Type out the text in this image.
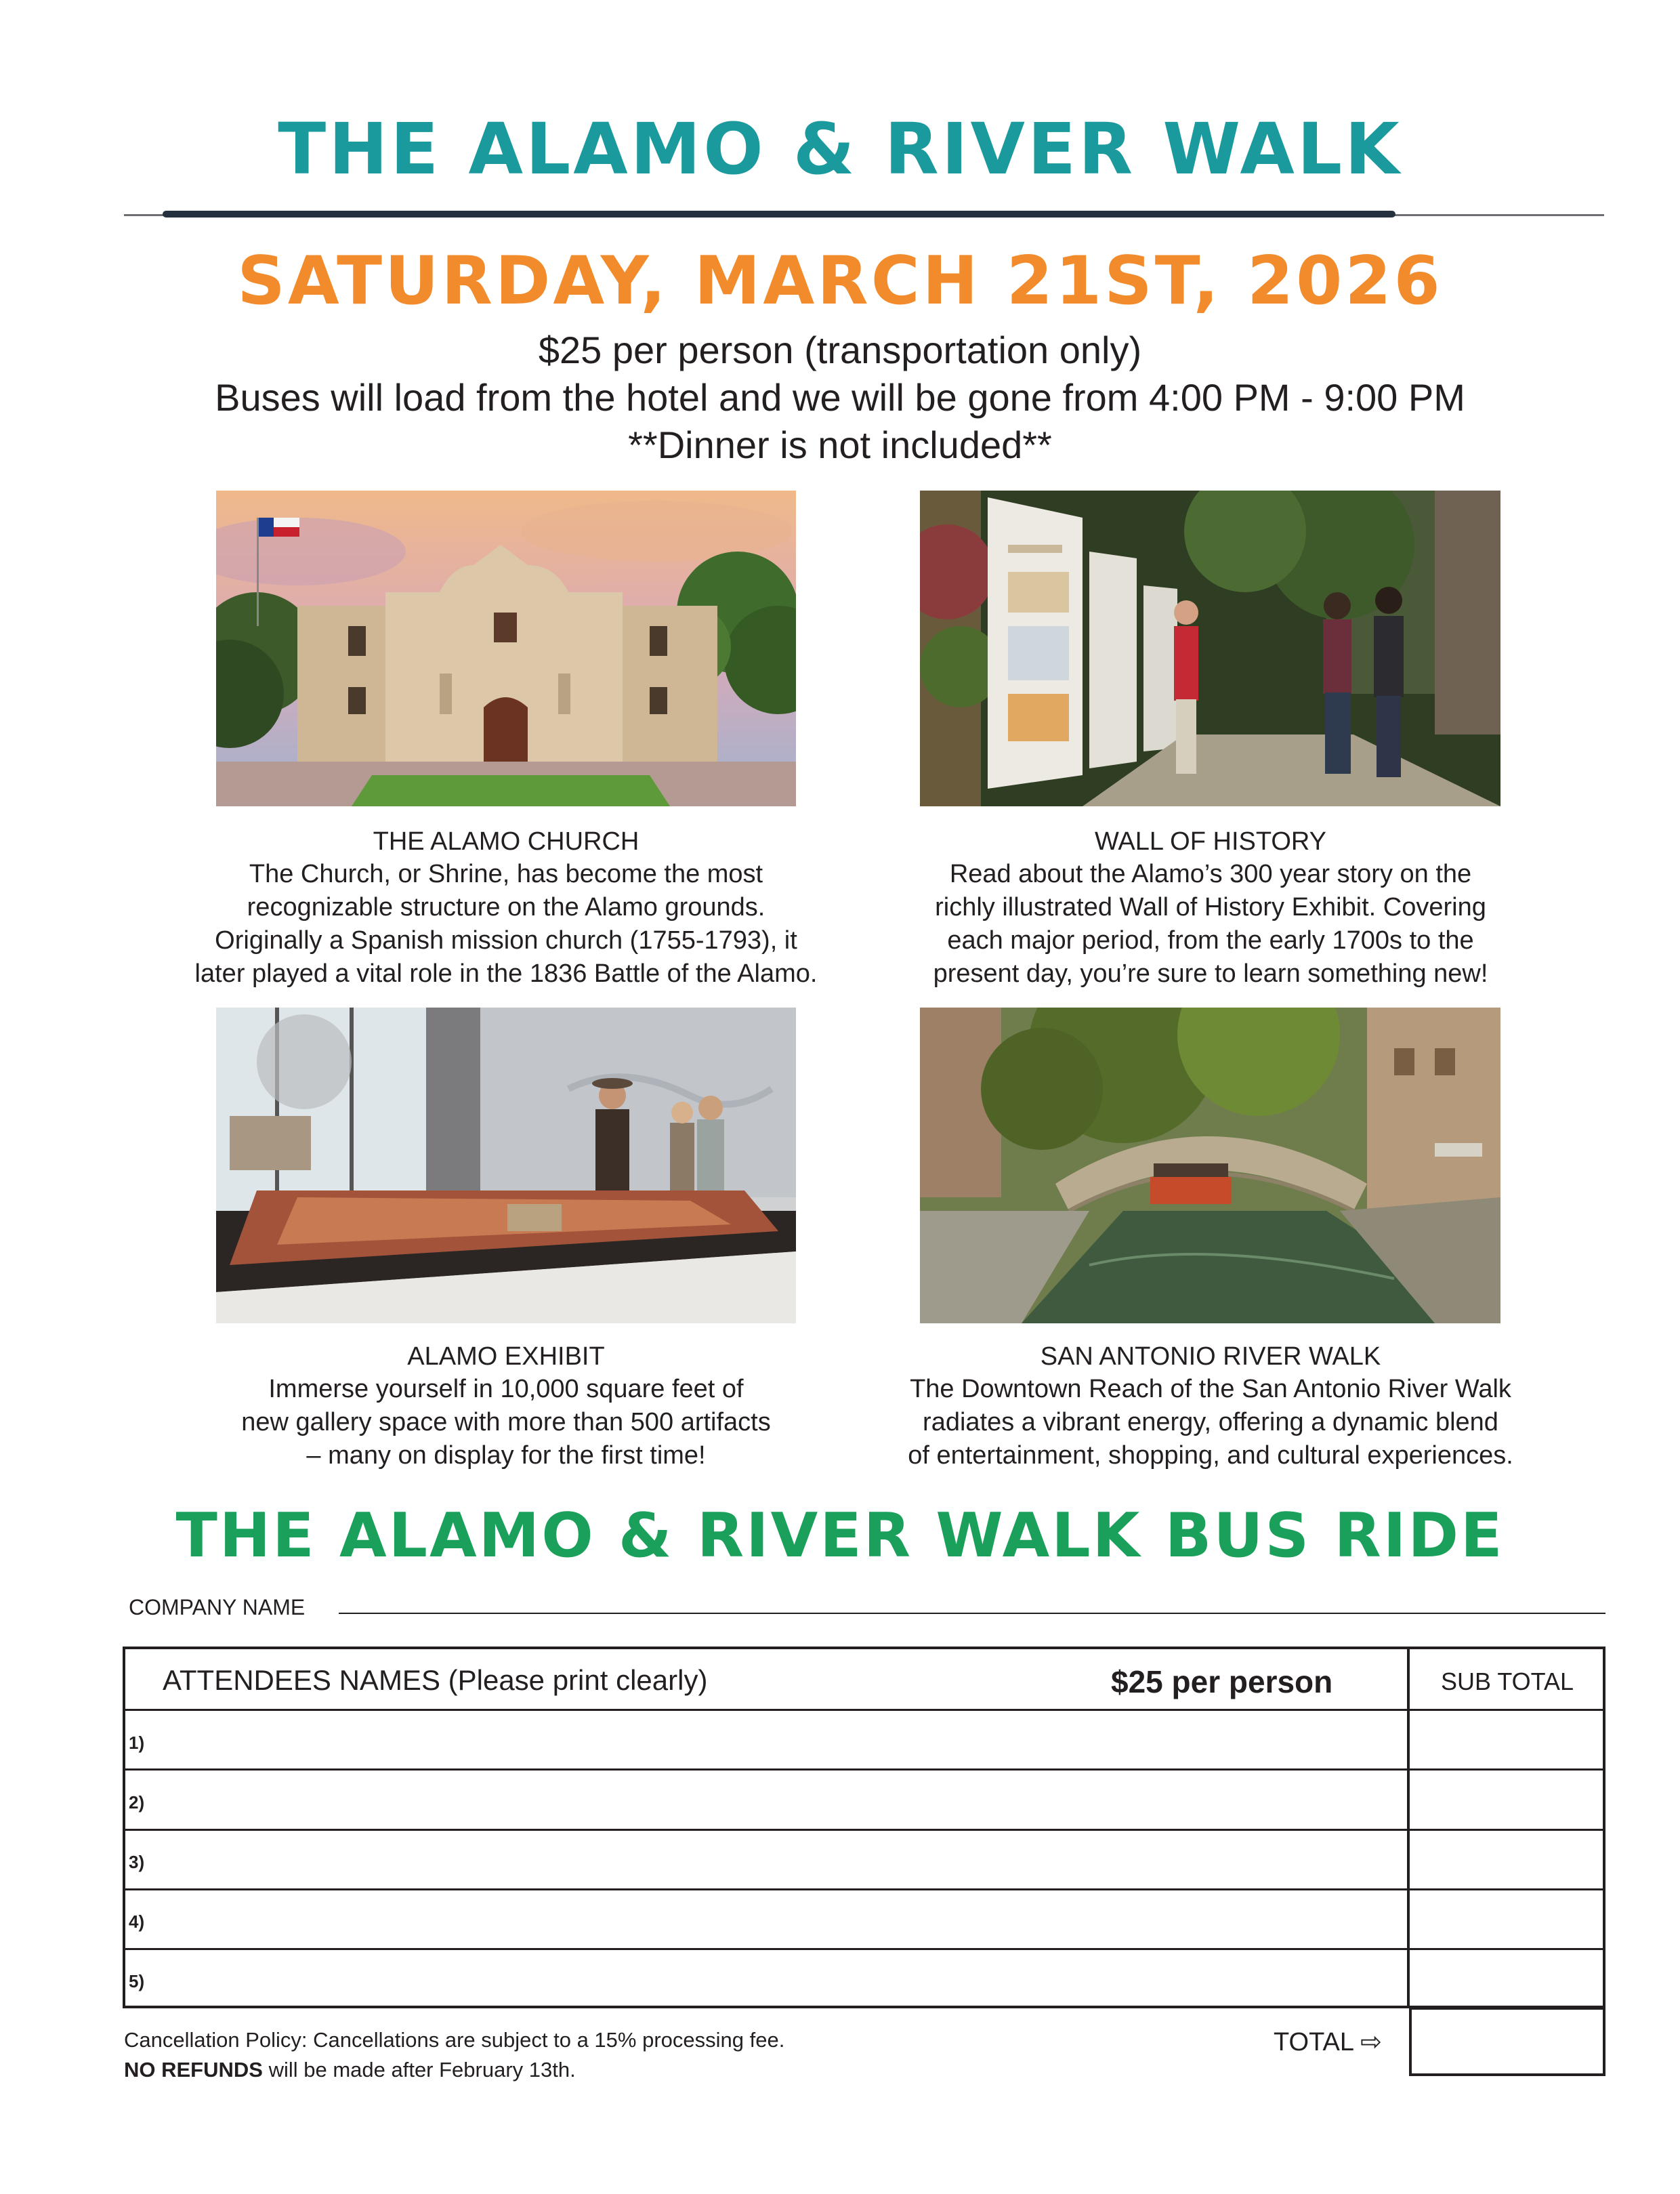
THE ALAMO & RIVER WALK
SATURDAY, MARCH 21ST, 2026
$25 per person (transportation only)
Buses will load from the hotel and we will be gone from 4:00 PM - 9:00 PM
**Dinner is not included**
THE ALAMO CHURCH
The Church, or Shrine, has become the most
recognizable structure on the Alamo grounds.
Originally a Spanish mission church (1755-1793), it
later played a vital role in the 1836 Battle of the Alamo.
WALL OF HISTORY
Read about the Alamo’s 300 year story on the
richly illustrated Wall of History Exhibit. Covering
each major period, from the early 1700s to the
present day, you’re sure to learn something new!
ALAMO EXHIBIT
Immerse yourself in 10,000 square feet of
new gallery space with more than 500 artifacts
– many on display for the first time!
SAN ANTONIO RIVER WALK
The Downtown Reach of the San Antonio River Walk
radiates a vibrant energy, offering a dynamic blend
of entertainment, shopping, and cultural experiences.
THE ALAMO & RIVER WALK BUS RIDE
COMPANY NAME
ATTENDEES NAMES (Please print clearly)	$25 per person	SUB TOTAL
1)
2)
3)
4)
5)
TOTAL ⇨
Cancellation Policy: Cancellations are subject to a 15% processing fee.
NO REFUNDS will be made after February 13th.
